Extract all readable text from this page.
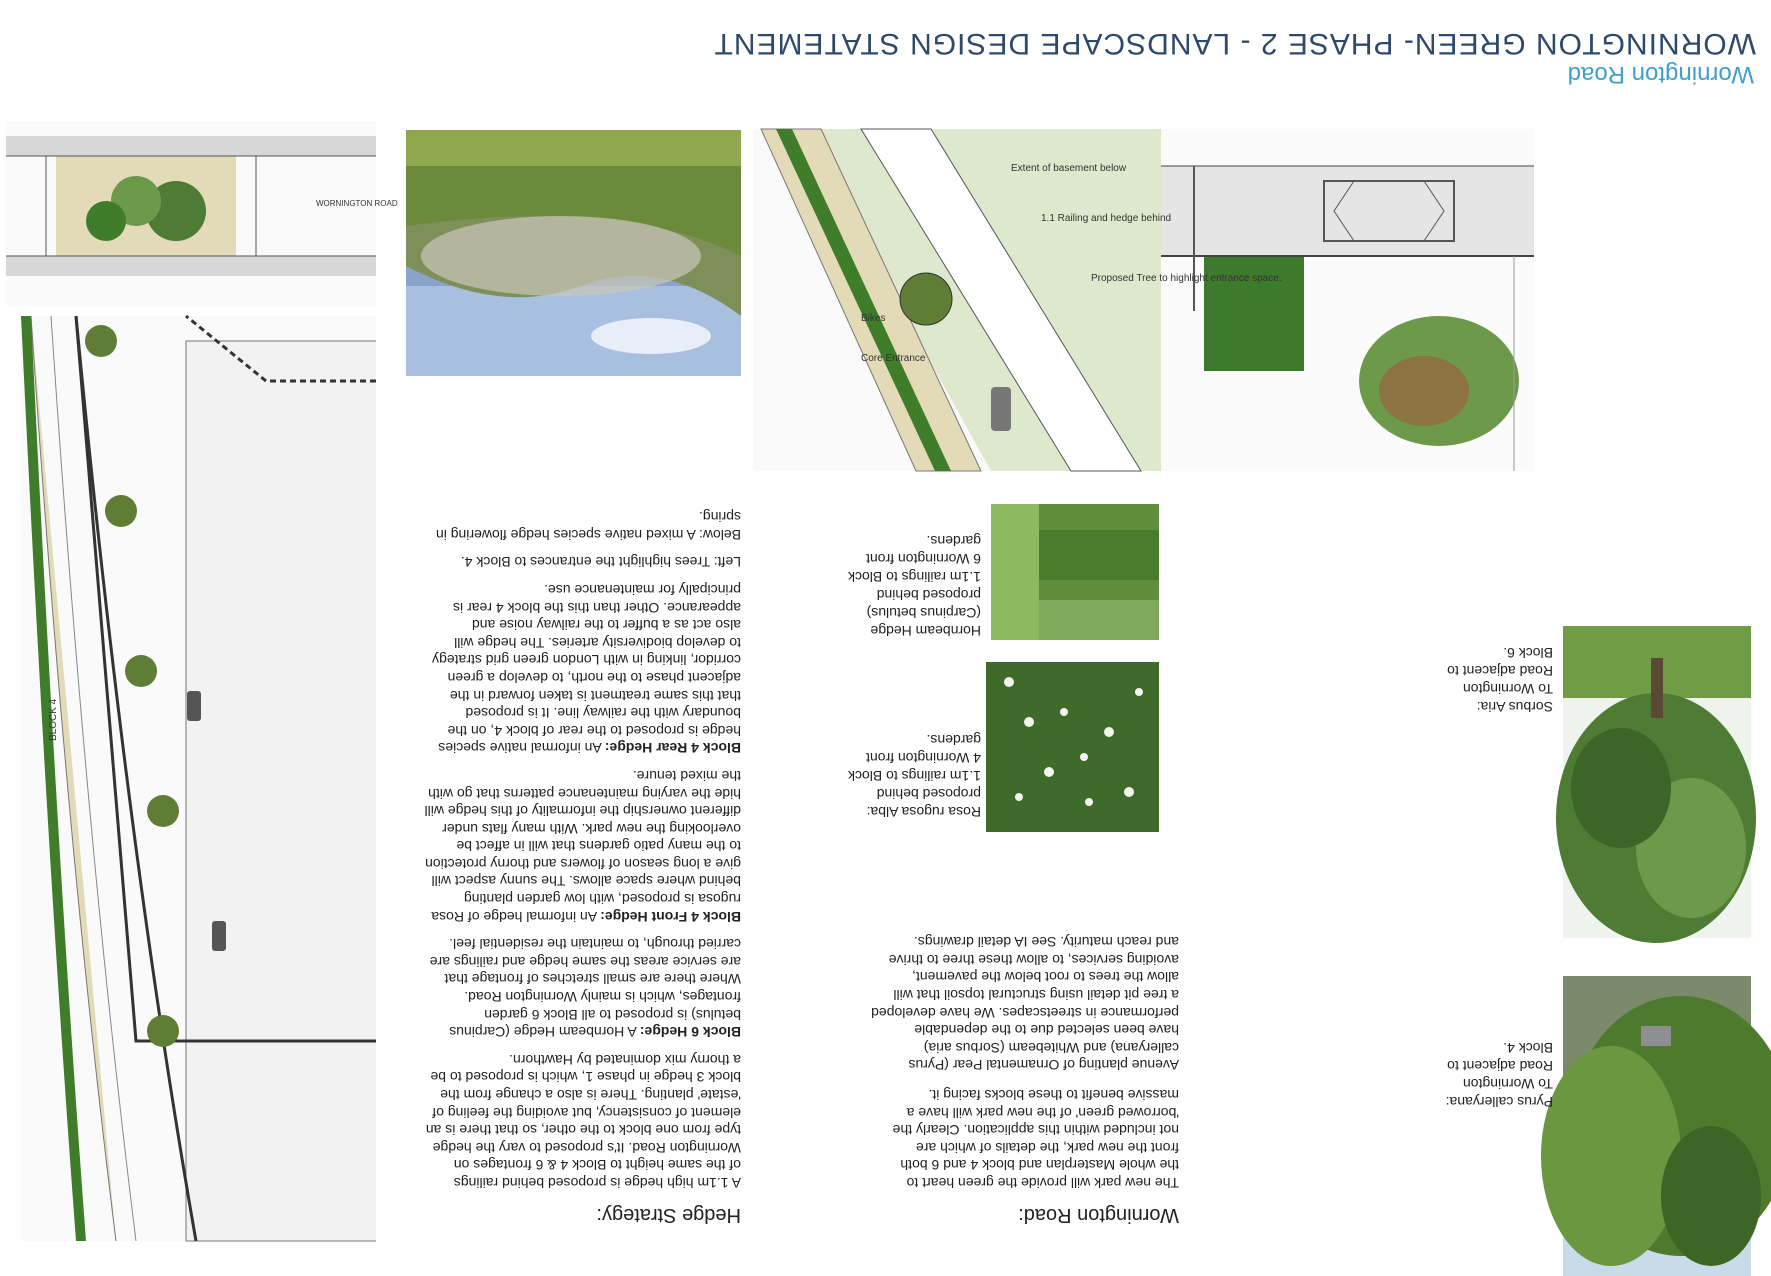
WORNINGTON GREEN- PHASE 2 - LANDSCAPE DESIGN STATEMENT
Wornington Road
Pyrus calleryana:
To Wornington
Road adjacent to
Block 4.
Sorbus Aria:
To Wornington
Road adjacent to
Block 6.
Hornbeam Hedge
(Carpinus betulus)
proposed behind
1.1m railings to Block
6 Wornington front
gardens.
Rosa rugosa Alba:
proposed behind
1.1m railings to Block
4 Wornington front
gardens.
Wornington Road:
The new park will provide the green heart to
the whole Masterplan and block 4 and 6 both
front the new park, the details of which are
not included within this application. Clearly the
'borrowed green' of the new park will have a
massive benefit to these blocks facing it.
Avenue planting of Ornamental Pear (Pyrus
calleryana) and Whitebeam (Sorbus aria)
have been selected due to the dependable
performance in streetscapes. We have developed
a tree pit detail using structural topsoil that will
allow the trees to root below the pavement,
avoiding services, to allow these three to thrive
and reach maturity. See IA detail drawings.
Proposed Tree to highlight entrance space.
Core Entrance
Bikes
1.1 Railing and hedge behind
Extent of basement below
Hedge Strategy:
A 1.1m high hedge is proposed behind railings
of the same height to Block 4 & 6 frontages on
Wornington Road. It's proposed to vary the hedge
type from one block to the other, so that there is an
element of consistency, but avoiding the feeling of
'estate' planting. There is also a change from the
block 3 hedge in phase 1, which is proposed to be
a thorny mix dominated by Hawthorn.
Block 6 Hedge: A Hornbeam Hedge (Carpinus
betulus) is proposed to all Block 6 garden
frontages, which is mainly Wornington Road.
Where there are small stretches of frontage that
are service areas the same hedge and railings are
carried through, to maintain the residential feel.
Block 4 Front Hedge: An informal hedge of Rosa
rugosa is proposed, with low garden planting
behind where space allows. The sunny aspect will
give a long season of flowers and thorny protection
to the many patio gardens that will in affect be
overlooking the new park. With many flats under
different ownership the informality of this hedge will
hide the varying maintenance patterns that go with
the mixed tenure.
Block 4 Rear Hedge: An informal native species
hedge is proposed to the rear of block 4, on the
boundary with the railway line. It is proposed
that this same treatment is taken forward in the
adjacent phase to the north, to develop a green
corridor, linking in with London green grid strategy
to develop biodiversity arteries. The hedge will
also act as a buffer to the railway noise and
appearance. Other than this the block 4 rear is
principally for maintenance use.
Left: Trees highlight the entrances to Block 4.
Below: A mixed native species hedge flowering in
spring.
BLOCK 4
WORNINGTON ROAD
